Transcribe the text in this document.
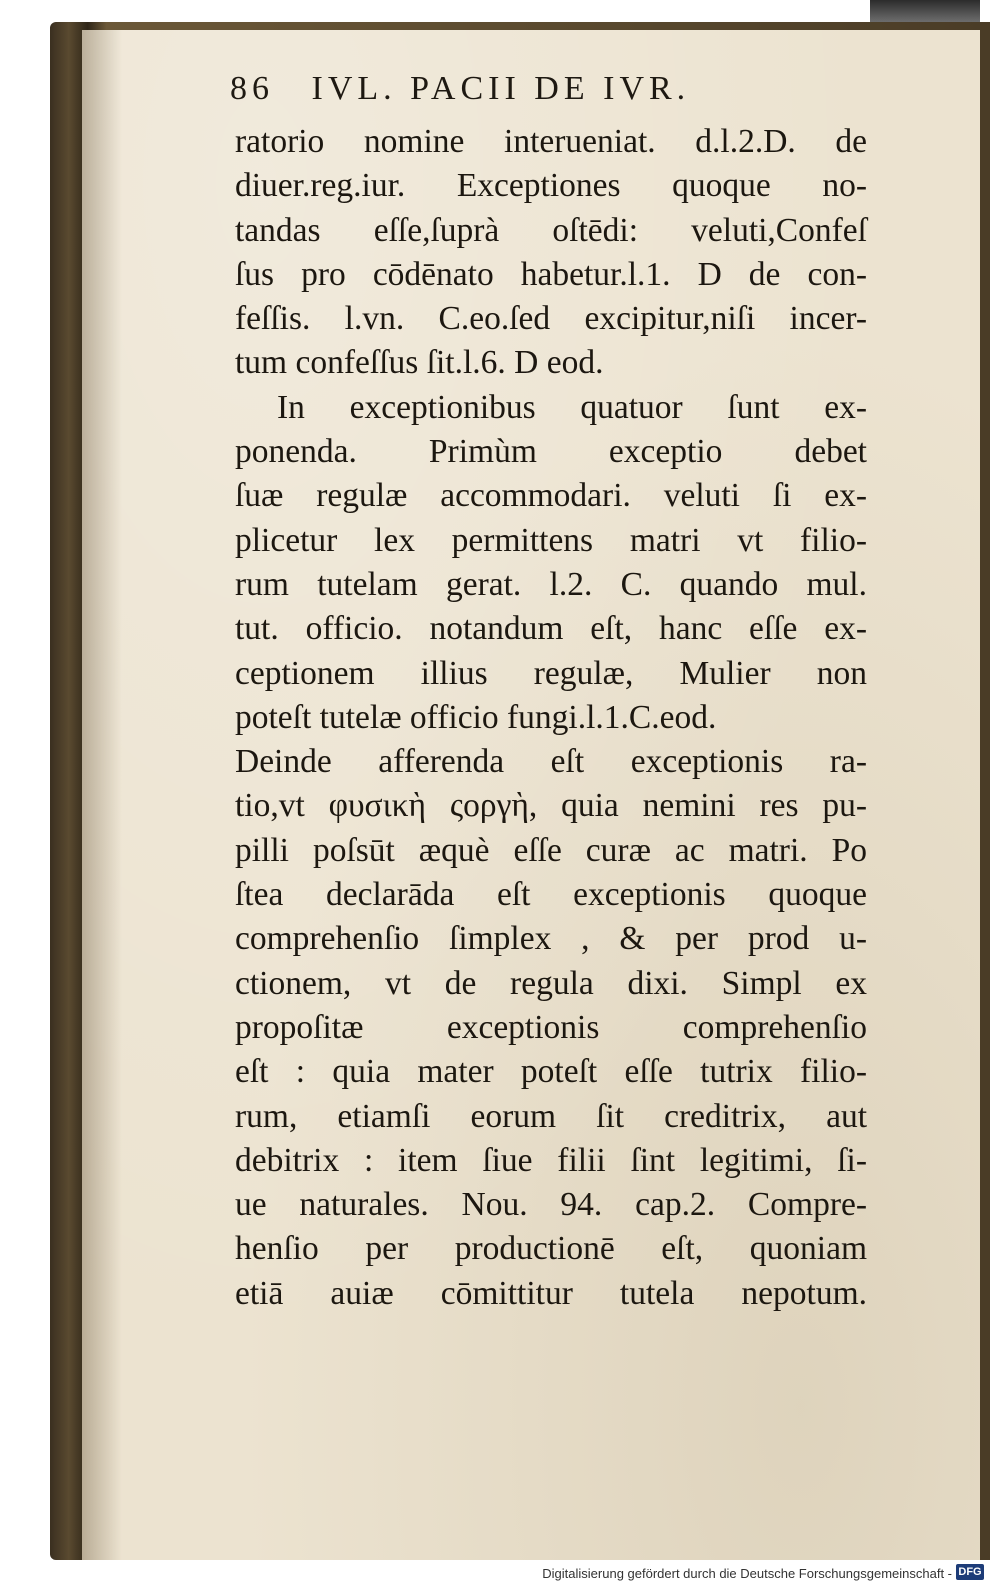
86 IVL. PACII DE IVR.
ratorio nomine interueniat. d.l.2.D. de
diuer.reg.iur. Exceptiones quoque no-
tandas eſſe,ſuprà oſtēdi: veluti,Confeſ
ſus pro cōdēnato habetur.l.1. D de con-
feſſis. l.vn. C.eo.ſed excipitur,niſi incer-
tum confeſſus ſit.l.6. D eod.
In exceptionibus quatuor ſunt ex-
ponenda. Primùm exceptio debet
ſuæ regulæ accommodari. veluti ſi ex-
plicetur lex permittens matri vt filio-
rum tutelam gerat. l.2. C. quando mul.
tut. officio. notandum eſt, hanc eſſe ex-
ceptionem illius regulæ, Mulier non
poteſt tutelæ officio fungi.l.1.C.eod.
Deinde afferenda eſt exceptionis ra-
tio,vt φυσικὴ ςοργὴ, quia nemini res pu-
pilli poſsūt æquè eſſe curæ ac matri. Po
ſtea declarāda eſt exceptionis quoque
comprehenſio ſimplex , & per prod u-
ctionem, vt de regula dixi. Simpl ex
propoſitæ exceptionis comprehenſio
eſt : quia mater poteſt eſſe tutrix filio-
rum, etiamſi eorum ſit creditrix, aut
debitrix : item ſiue filii ſint legitimi, ſi-
ue naturales. Nou. 94. cap.2. Compre-
henſio per productionē eſt, quoniam
etiā auiæ cōmittitur tutela nepotum.
Digitalisierung gefördert durch die Deutsche Forschungsgemeinschaft - DFG
